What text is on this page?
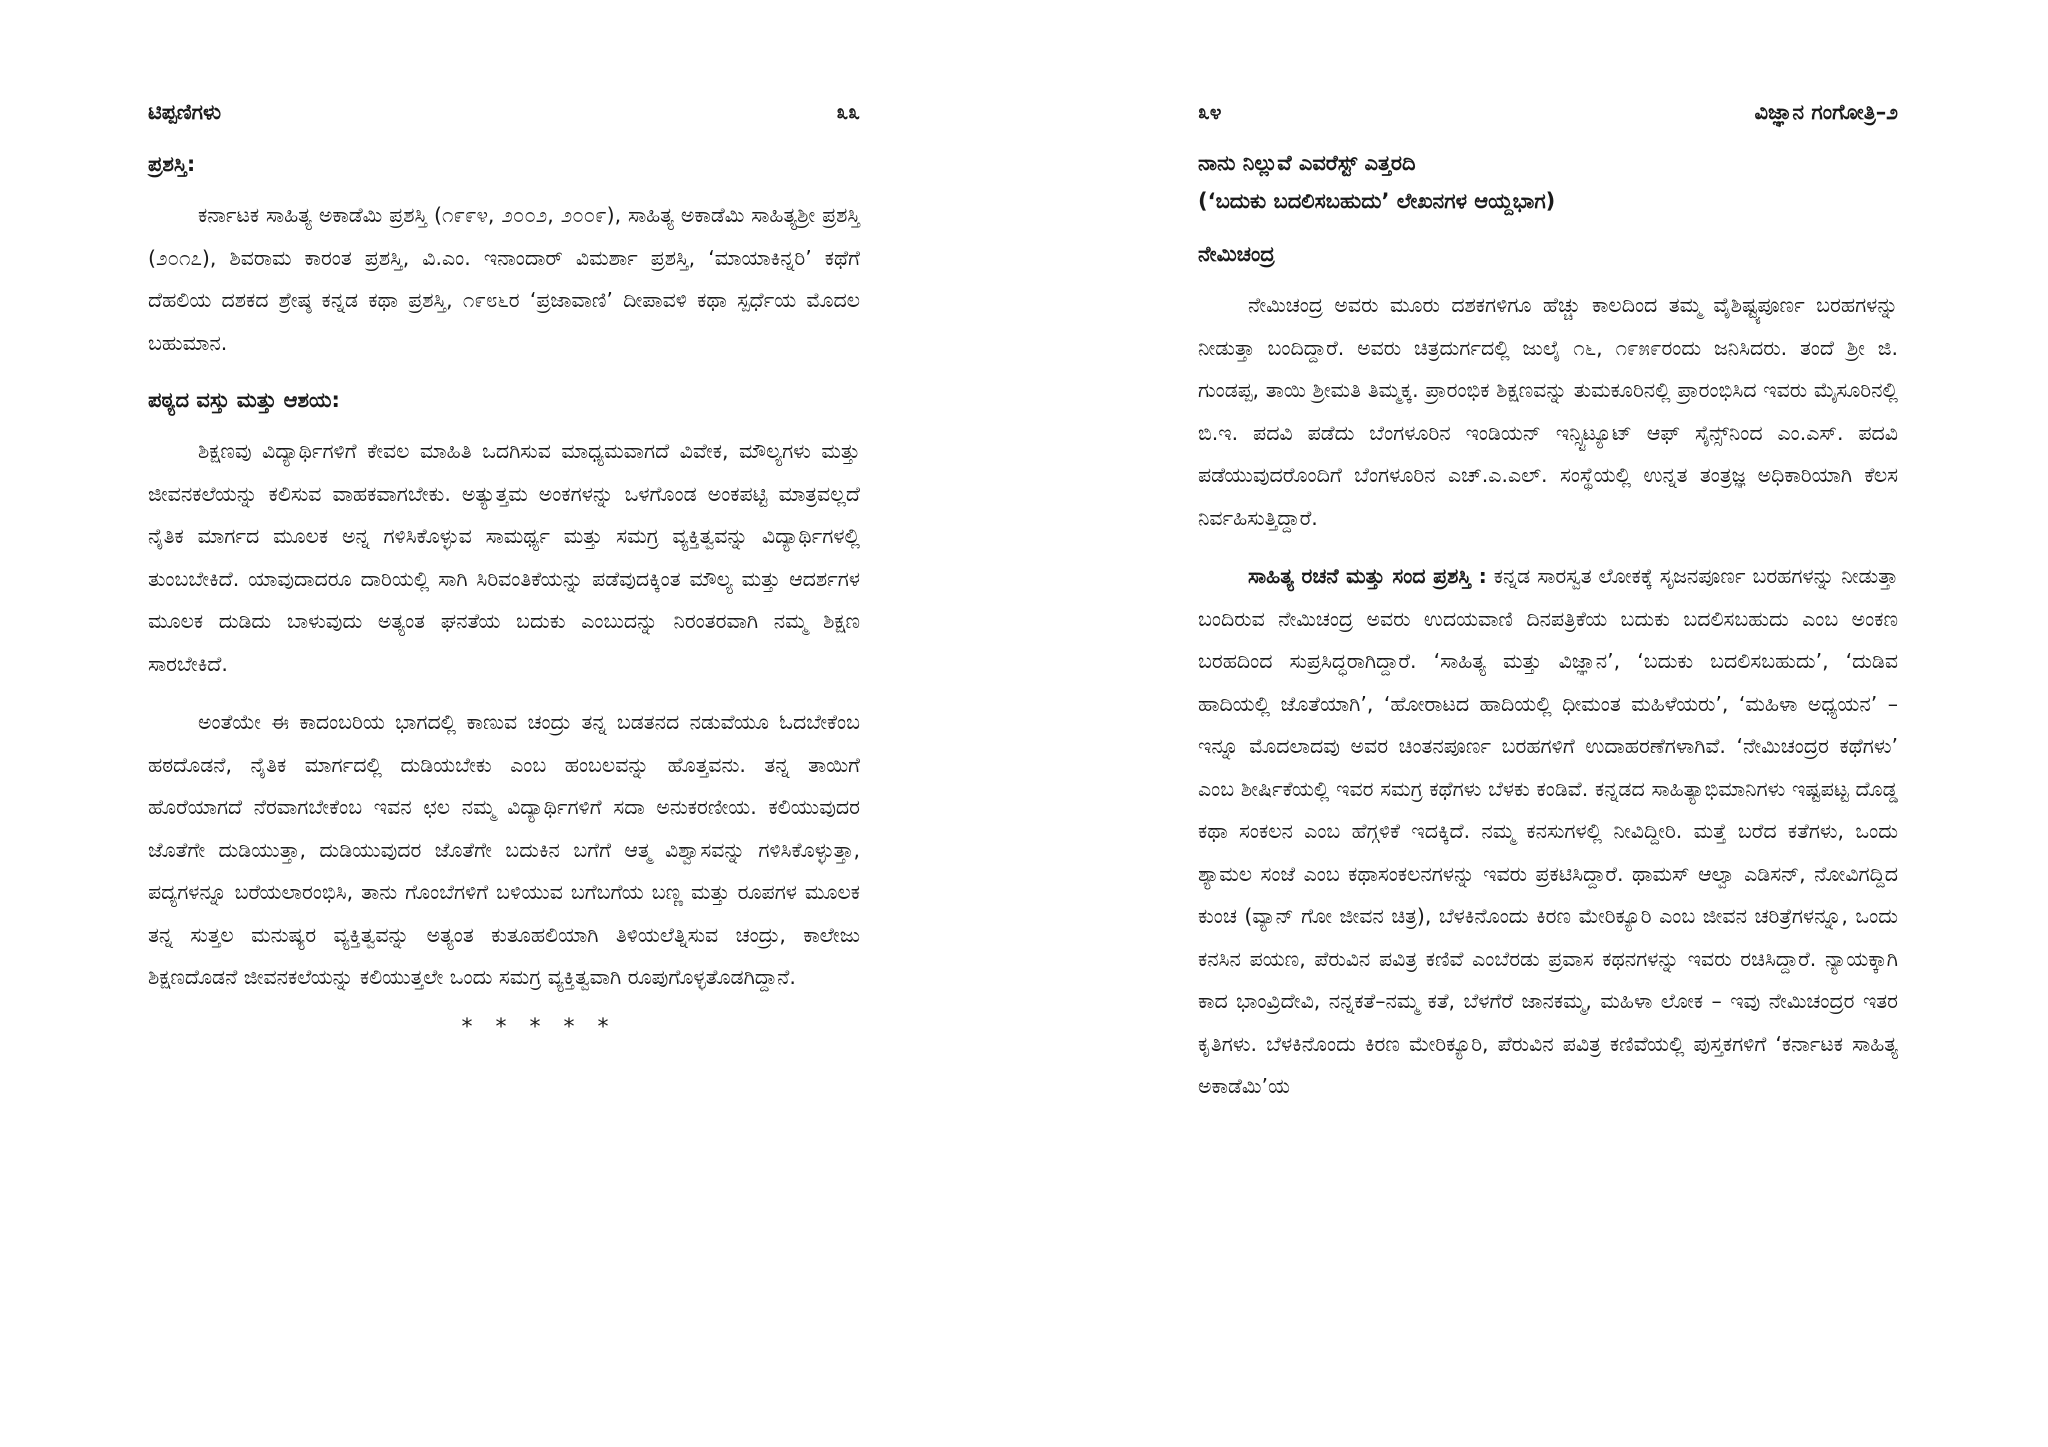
ಟಿಪ್ಪಣಿಗಳು	೩೩
ಪ್ರಶಸ್ತಿ:

ಕರ್ನಾಟಕ ಸಾಹಿತ್ಯ ಅಕಾಡೆಮಿ ಪ್ರಶಸ್ತಿ (೧೯೯೪, ೨೦೦೨, ೨೦೦೯), ಸಾಹಿತ್ಯ ಅಕಾಡೆಮಿ ಸಾಹಿತ್ಯಶ್ರೀ ಪ್ರಶಸ್ತಿ (೨೦೧೭), ಶಿವರಾಮ ಕಾರಂತ ಪ್ರಶಸ್ತಿ, ವಿ.ಎಂ. ಇನಾಂದಾರ್ ವಿಮರ್ಶಾ ಪ್ರಶಸ್ತಿ, ‘ಮಾಯಾಕಿನ್ನರಿ’ ಕಥೆಗೆ ದೆಹಲಿಯ ದಶಕದ ಶ್ರೇಷ್ಠ ಕನ್ನಡ ಕಥಾ ಪ್ರಶಸ್ತಿ, ೧೯೮೬ರ ‘ಪ್ರಜಾವಾಣಿ’ ದೀಪಾವಳಿ ಕಥಾ ಸ್ಪರ್ಧೆಯ ಮೊದಲ ಬಹುಮಾನ.

ಪಠ್ಯದ ವಸ್ತು ಮತ್ತು ಆಶಯ:

ಶಿಕ್ಷಣವು ವಿದ್ಯಾರ್ಥಿಗಳಿಗೆ ಕೇವಲ ಮಾಹಿತಿ ಒದಗಿಸುವ ಮಾಧ್ಯಮವಾಗದೆ ವಿವೇಕ, ಮೌಲ್ಯಗಳು ಮತ್ತು ಜೀವನಕಲೆಯನ್ನು ಕಲಿಸುವ ವಾಹಕವಾಗಬೇಕು. ಅತ್ಯುತ್ತಮ ಅಂಕಗಳನ್ನು ಒಳಗೊಂಡ ಅಂಕಪಟ್ಟಿ ಮಾತ್ರವಲ್ಲದೆ ನೈತಿಕ ಮಾರ್ಗದ ಮೂಲಕ ಅನ್ನ ಗಳಿಸಿಕೊಳ್ಳುವ ಸಾಮರ್ಥ್ಯ ಮತ್ತು ಸಮಗ್ರ ವ್ಯಕ್ತಿತ್ವವನ್ನು ವಿದ್ಯಾರ್ಥಿಗಳಲ್ಲಿ ತುಂಬಬೇಕಿದೆ. ಯಾವುದಾದರೂ ದಾರಿಯಲ್ಲಿ ಸಾಗಿ ಸಿರಿವಂತಿಕೆಯನ್ನು ಪಡೆವುದಕ್ಕಿಂತ ಮೌಲ್ಯ ಮತ್ತು ಆದರ್ಶಗಳ ಮೂಲಕ ದುಡಿದು ಬಾಳುವುದು ಅತ್ಯಂತ ಘನತೆಯ ಬದುಕು ಎಂಬುದನ್ನು ನಿರಂತರವಾಗಿ ನಮ್ಮ ಶಿಕ್ಷಣ ಸಾರಬೇಕಿದೆ.

ಅಂತೆಯೇ ಈ ಕಾದಂಬರಿಯ ಭಾಗದಲ್ಲಿ ಕಾಣುವ ಚಂದ್ರು ತನ್ನ ಬಡತನದ ನಡುವೆಯೂ ಓದಬೇಕೆಂಬ ಹಠದೊಡನೆ, ನೈತಿಕ ಮಾರ್ಗದಲ್ಲಿ ದುಡಿಯಬೇಕು ಎಂಬ ಹಂಬಲವನ್ನು ಹೊತ್ತವನು. ತನ್ನ ತಾಯಿಗೆ ಹೊರೆಯಾಗದೆ ನೆರವಾಗಬೇಕೆಂಬ ಇವನ ಛಲ ನಮ್ಮ ವಿದ್ಯಾರ್ಥಿಗಳಿಗೆ ಸದಾ ಅನುಕರಣೀಯ. ಕಲಿಯುವುದರ ಜೊತೆಗೇ ದುಡಿಯುತ್ತಾ, ದುಡಿಯುವುದರ ಜೊತೆಗೇ ಬದುಕಿನ ಬಗೆಗೆ ಆತ್ಮ ವಿಶ್ವಾಸವನ್ನು ಗಳಿಸಿಕೊಳ್ಳುತ್ತಾ, ಪದ್ಯಗಳನ್ನೂ ಬರೆಯಲಾರಂಭಿಸಿ, ತಾನು ಗೊಂಬೆಗಳಿಗೆ ಬಳಿಯುವ ಬಗೆಬಗೆಯ ಬಣ್ಣ ಮತ್ತು ರೂಪಗಳ ಮೂಲಕ ತನ್ನ ಸುತ್ತಲ ಮನುಷ್ಯರ ವ್ಯಕ್ತಿತ್ವವನ್ನು ಅತ್ಯಂತ ಕುತೂಹಲಿಯಾಗಿ ತಿಳಿಯಲೆತ್ನಿಸುವ ಚಂದ್ರು, ಕಾಲೇಜು ಶಿಕ್ಷಣದೊಡನೆ ಜೀವನಕಲೆಯನ್ನು ಕಲಿಯುತ್ತಲೇ ಒಂದು ಸಮಗ್ರ ವ್ಯಕ್ತಿತ್ವವಾಗಿ ರೂಪುಗೊಳ್ಳತೊಡಗಿದ್ದಾನೆ.

* * * * *
೩೪	ವಿಜ್ಞಾನ ಗಂಗೋತ್ರಿ–೨
ನಾನು ನಿಲ್ಲುವೆ ಎವರೆಸ್ಟ್ ಎತ್ತರದಿ
(‘ಬದುಕು ಬದಲಿಸಬಹುದು’ ಲೇಖನಗಳ ಆಯ್ದಭಾಗ)
ನೇಮಿಚಂದ್ರ

ನೇಮಿಚಂದ್ರ ಅವರು ಮೂರು ದಶಕಗಳಿಗೂ ಹೆಚ್ಚು ಕಾಲದಿಂದ ತಮ್ಮ ವೈಶಿಷ್ಟ್ಯಪೂರ್ಣ ಬರಹಗಳನ್ನು ನೀಡುತ್ತಾ ಬಂದಿದ್ದಾರೆ. ಅವರು ಚಿತ್ರದುರ್ಗದಲ್ಲಿ ಜುಲೈ ೧೬, ೧೯೫೯ರಂದು ಜನಿಸಿದರು. ತಂದೆ ಶ್ರೀ ಜಿ. ಗುಂಡಪ್ಪ, ತಾಯಿ ಶ್ರೀಮತಿ ತಿಮ್ಮಕ್ಕ. ಪ್ರಾರಂಭಿಕ ಶಿಕ್ಷಣವನ್ನು ತುಮಕೂರಿನಲ್ಲಿ ಪ್ರಾರಂಭಿಸಿದ ಇವರು ಮೈಸೂರಿನಲ್ಲಿ ಬಿ.ಇ. ಪದವಿ ಪಡೆದು ಬೆಂಗಳೂರಿನ ಇಂಡಿಯನ್ ಇನ್ಸ್ಟಿಟ್ಯೂಟ್ ಆಫ್ ಸೈನ್ಸ್‌ನಿಂದ ಎಂ.ಎಸ್. ಪದವಿ ಪಡೆಯುವುದರೊಂದಿಗೆ ಬೆಂಗಳೂರಿನ ಎಚ್.ಎ.ಎಲ್. ಸಂಸ್ಥೆಯಲ್ಲಿ ಉನ್ನತ ತಂತ್ರಜ್ಞ ಅಧಿಕಾರಿಯಾಗಿ ಕೆಲಸ ನಿರ್ವಹಿಸುತ್ತಿದ್ದಾರೆ.

ಸಾಹಿತ್ಯ ರಚನೆ ಮತ್ತು ಸಂದ ಪ್ರಶಸ್ತಿ : ಕನ್ನಡ ಸಾರಸ್ವತ ಲೋಕಕ್ಕೆ ಸೃಜನಪೂರ್ಣ ಬರಹಗಳನ್ನು ನೀಡುತ್ತಾ ಬಂದಿರುವ ನೇಮಿಚಂದ್ರ ಅವರು ಉದಯವಾಣಿ ದಿನಪತ್ರಿಕೆಯ ಬದುಕು ಬದಲಿಸಬಹುದು ಎಂಬ ಅಂಕಣ ಬರಹದಿಂದ ಸುಪ್ರಸಿದ್ಧರಾಗಿದ್ದಾರೆ. ‘ಸಾಹಿತ್ಯ ಮತ್ತು ವಿಜ್ಞಾನ’, ‘ಬದುಕು ಬದಲಿಸಬಹುದು’, ‘ದುಡಿವ ಹಾದಿಯಲ್ಲಿ ಜೊತೆಯಾಗಿ’, ‘ಹೋರಾಟದ ಹಾದಿಯಲ್ಲಿ ಧೀಮಂತ ಮಹಿಳೆಯರು’, ‘ಮಹಿಳಾ ಅಧ್ಯಯನ’ – ಇನ್ನೂ ಮೊದಲಾದವು ಅವರ ಚಿಂತನಪೂರ್ಣ ಬರಹಗಳಿಗೆ ಉದಾಹರಣೆಗಳಾಗಿವೆ. ‘ನೇಮಿಚಂದ್ರರ ಕಥೆಗಳು’ ಎಂಬ ಶೀರ್ಷಿಕೆಯಲ್ಲಿ ಇವರ ಸಮಗ್ರ ಕಥೆಗಳು ಬೆಳಕು ಕಂಡಿವೆ. ಕನ್ನಡದ ಸಾಹಿತ್ಯಾಭಿಮಾನಿಗಳು ಇಷ್ಟಪಟ್ಟ ದೊಡ್ಡ ಕಥಾ ಸಂಕಲನ ಎಂಬ ಹೆಗ್ಗಳಿಕೆ ಇದಕ್ಕಿದೆ. ನಮ್ಮ ಕನಸುಗಳಲ್ಲಿ ನೀವಿದ್ದೀರಿ. ಮತ್ತೆ ಬರೆದ ಕತೆಗಳು, ಒಂದು ಶ್ಯಾಮಲ ಸಂಜೆ ಎಂಬ ಕಥಾಸಂಕಲನಗಳನ್ನು ಇವರು ಪ್ರಕಟಿಸಿದ್ದಾರೆ. ಥಾಮಸ್ ಆಲ್ವಾ ಎಡಿಸನ್, ನೋವಿಗದ್ದಿದ ಕುಂಚ (ವ್ಯಾನ್ ಗೋ ಜೀವನ ಚಿತ್ರ), ಬೆಳಕಿನೊಂದು ಕಿರಣ ಮೇರಿಕ್ಯೂರಿ ಎಂಬ ಜೀವನ ಚರಿತ್ರೆಗಳನ್ನೂ, ಒಂದು ಕನಸಿನ ಪಯಣ, ಪೆರುವಿನ ಪವಿತ್ರ ಕಣಿವೆ ಎಂಬೆರಡು ಪ್ರವಾಸ ಕಥನಗಳನ್ನು ಇವರು ರಚಿಸಿದ್ದಾರೆ. ನ್ಯಾಯಕ್ಕಾಗಿ ಕಾದ ಭಾಂವ್ರಿದೇವಿ, ನನ್ನಕತೆ–ನಮ್ಮ ಕತೆ, ಬೆಳಗೆರೆ ಜಾನಕಮ್ಮ, ಮಹಿಳಾ ಲೋಕ – ಇವು ನೇಮಿಚಂದ್ರರ ಇತರ ಕೃತಿಗಳು. ಬೆಳಕಿನೊಂದು ಕಿರಣ ಮೇರಿಕ್ಯೂರಿ, ಪೆರುವಿನ ಪವಿತ್ರ ಕಣಿವೆಯಲ್ಲಿ ಪುಸ್ತಕಗಳಿಗೆ ‘ಕರ್ನಾಟಕ ಸಾಹಿತ್ಯ ಅಕಾಡೆಮಿ’ಯ
